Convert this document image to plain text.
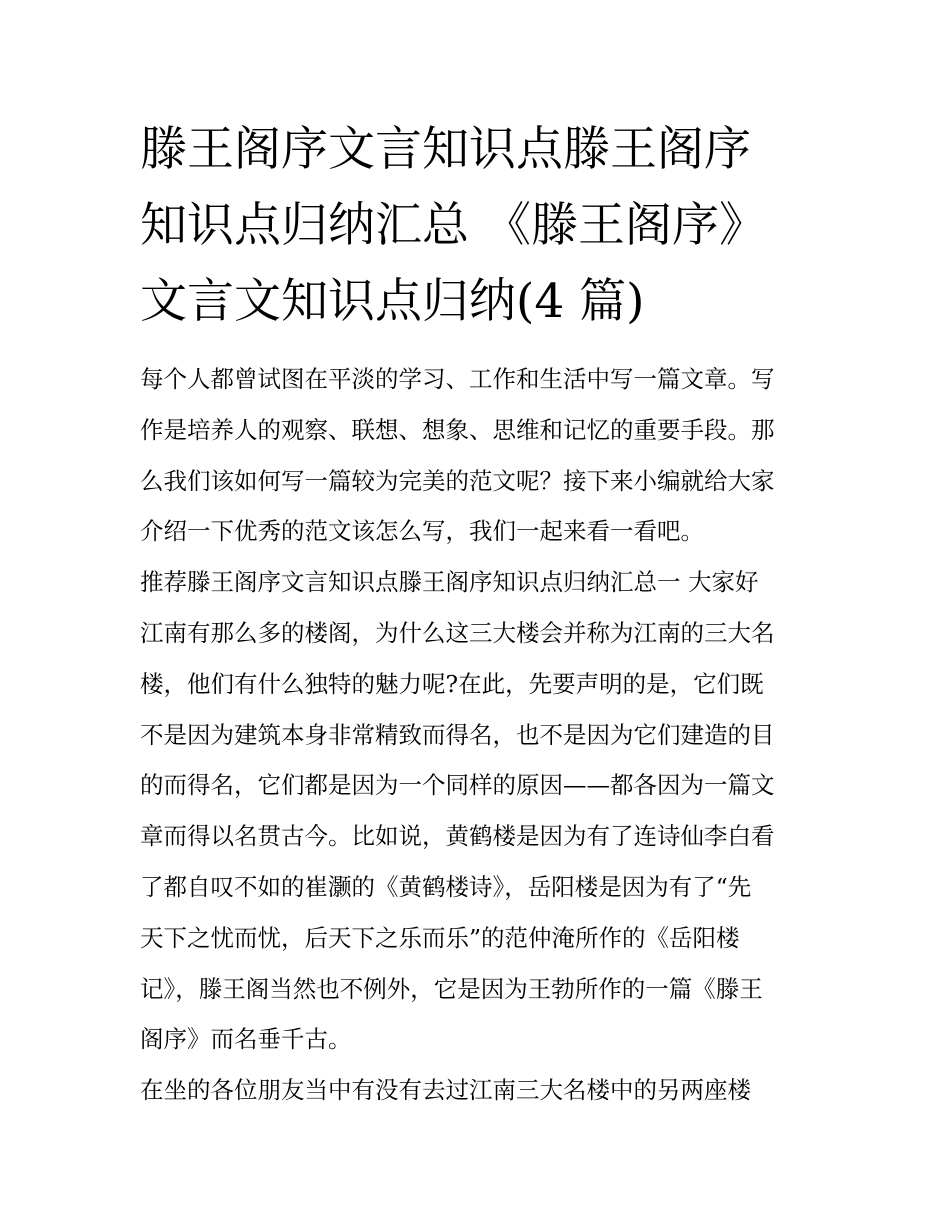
滕王阁序文言知识点滕王阁序
知识点归纳汇总 《滕王阁序》
文言文知识点归纳(4 篇)
每个人都曾试图在平淡的学习、工作和生活中写一篇文章。写
作是培养人的观察、联想、想象、思维和记忆的重要手段。那
么我们该如何写一篇较为完美的范文呢？接下来小编就给大家
介绍一下优秀的范文该怎么写，我们一起来看一看吧。
推荐滕王阁序文言知识点滕王阁序知识点归纳汇总一 大家好
江南有那么多的楼阁，为什么这三大楼会并称为江南的三大名
楼，他们有什么独特的魅力呢?在此，先要声明的是，它们既
不是因为建筑本身非常精致而得名，也不是因为它们建造的目
的而得名，它们都是因为一个同样的原因——都各因为一篇文
章而得以名贯古今。比如说，黄鹤楼是因为有了连诗仙李白看
了都自叹不如的崔灏的《黄鹤楼诗》，岳阳楼是因为有了“先
天下之忧而忧，后天下之乐而乐”的范仲淹所作的《岳阳楼
记》，滕王阁当然也不例外，它是因为王勃所作的一篇《滕王
阁序》而名垂千古。
在坐的各位朋友当中有没有去过江南三大名楼中的另两座楼
